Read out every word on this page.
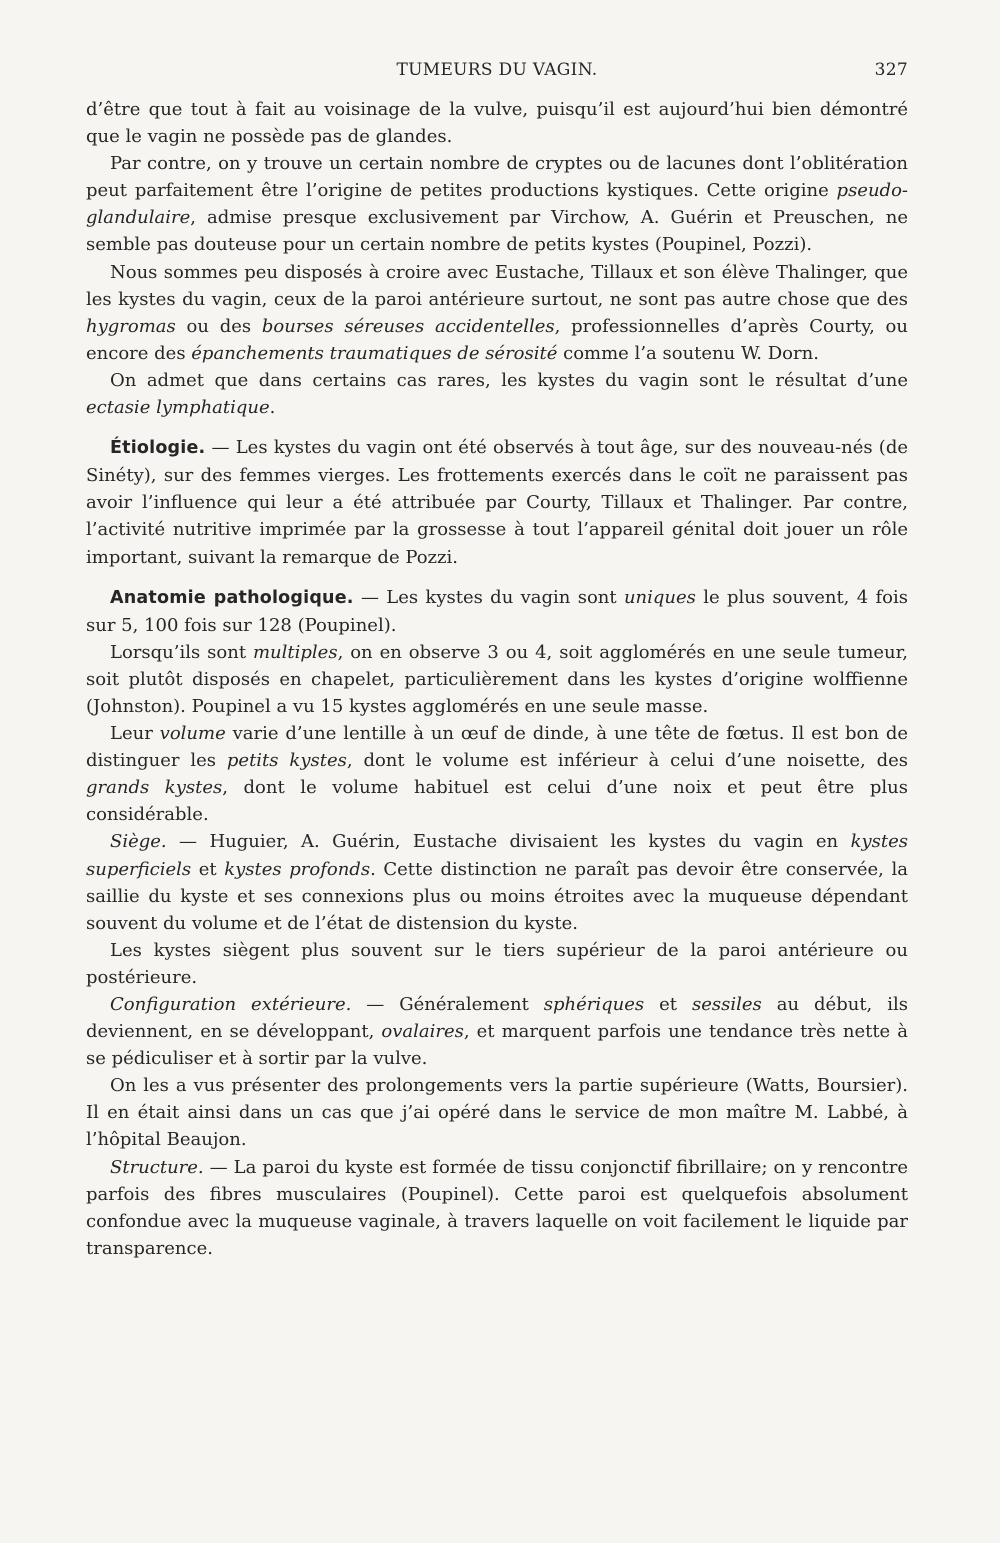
TUMEURS DU VAGIN.	327

d’être que tout à fait au voisinage de la vulve, puisqu’il est aujourd’hui bien démontré que le vagin ne possède pas de glandes.

Par contre, on y trouve un certain nombre de cryptes ou de lacunes dont l’oblitération peut parfaitement être l’origine de petites productions kystiques. Cette origine pseudo-glandulaire, admise presque exclusivement par Virchow, A. Guérin et Preuschen, ne semble pas douteuse pour un certain nombre de petits kystes (Poupinel, Pozzi).

Nous sommes peu disposés à croire avec Eustache, Tillaux et son élève Thalinger, que les kystes du vagin, ceux de la paroi antérieure surtout, ne sont pas autre chose que des hygromas ou des bourses séreuses accidentelles, professionnelles d’après Courty, ou encore des épanchements traumatiques de sérosité comme l’a soutenu W. Dorn.

On admet que dans certains cas rares, les kystes du vagin sont le résultat d’une ectasie lymphatique.

Étiologie. — Les kystes du vagin ont été observés à tout âge, sur des nouveau-nés (de Sinéty), sur des femmes vierges. Les frottements exercés dans le coït ne paraissent pas avoir l’influence qui leur a été attribuée par Courty, Tillaux et Thalinger. Par contre, l’activité nutritive imprimée par la grossesse à tout l’appareil génital doit jouer un rôle important, suivant la remarque de Pozzi.

Anatomie pathologique. — Les kystes du vagin sont uniques le plus souvent, 4 fois sur 5, 100 fois sur 128 (Poupinel).

Lorsqu’ils sont multiples, on en observe 3 ou 4, soit agglomérés en une seule tumeur, soit plutôt disposés en chapelet, particulièrement dans les kystes d’origine wolffienne (Johnston). Poupinel a vu 15 kystes agglomérés en une seule masse.

Leur volume varie d’une lentille à un œuf de dinde, à une tête de fœtus. Il est bon de distinguer les petits kystes, dont le volume est inférieur à celui d’une noisette, des grands kystes, dont le volume habituel est celui d’une noix et peut être plus considérable.

Siège. — Huguier, A. Guérin, Eustache divisaient les kystes du vagin en kystes superficiels et kystes profonds. Cette distinction ne paraît pas devoir être conservée, la saillie du kyste et ses connexions plus ou moins étroites avec la muqueuse dépendant souvent du volume et de l’état de distension du kyste.

Les kystes siègent plus souvent sur le tiers supérieur de la paroi antérieure ou postérieure.

Configuration extérieure. — Généralement sphériques et sessiles au début, ils deviennent, en se développant, ovalaires, et marquent parfois une tendance très nette à se pédiculiser et à sortir par la vulve.

On les a vus présenter des prolongements vers la partie supérieure (Watts, Boursier). Il en était ainsi dans un cas que j’ai opéré dans le service de mon maître M. Labbé, à l’hôpital Beaujon.

Structure. — La paroi du kyste est formée de tissu conjonctif fibrillaire; on y rencontre parfois des fibres musculaires (Poupinel). Cette paroi est quelquefois absolument confondue avec la muqueuse vaginale, à travers laquelle on voit facilement le liquide par transparence.
